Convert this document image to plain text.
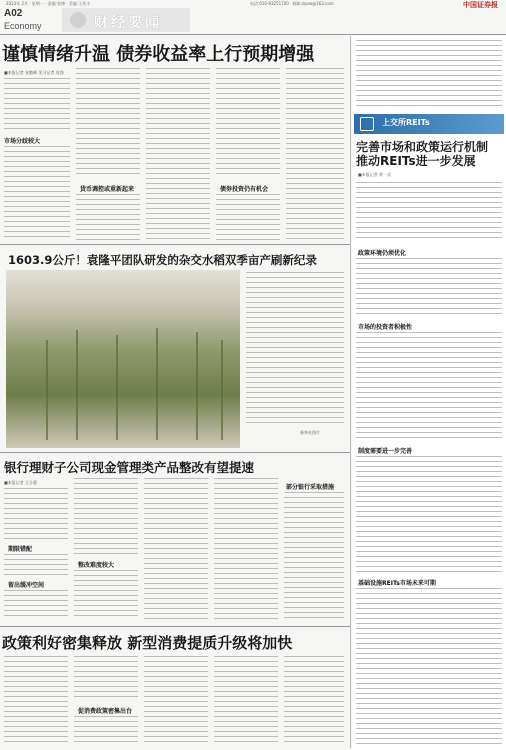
2023年 2月 · 星期一 · 责编:张博 · 美编:王兆丰	电话:010-83251700 · 邮箱:zqxw@163.com	中国证券报
A02
Economy	财经要闻
谨慎情绪升温 债券收益率上行预期增强
■本报记者 张勤峰 见习记者 连润
市场分歧较大
货币调控或重新起来	债券投资仍有机会
1603.9公斤！袁隆平团队研发的杂交水稻双季亩产刷新纪录
新华社图片
银行理财子公司现金管理类产品整改有望提速
■本报记者 王方蕾
期限错配
留出缓冲空间
整改难度较大
部分银行采取措施
政策利好密集释放 新型消费提质升级将加快
促消费政策密集出台
上交所REITs
完善市场和政策运行机制
推动REITs进一步发展
■本报记者 黄一灵
政策环境仍须优化
市场的投资者积极性
制度需要进一步完善
基础设施REITs市场未来可期
